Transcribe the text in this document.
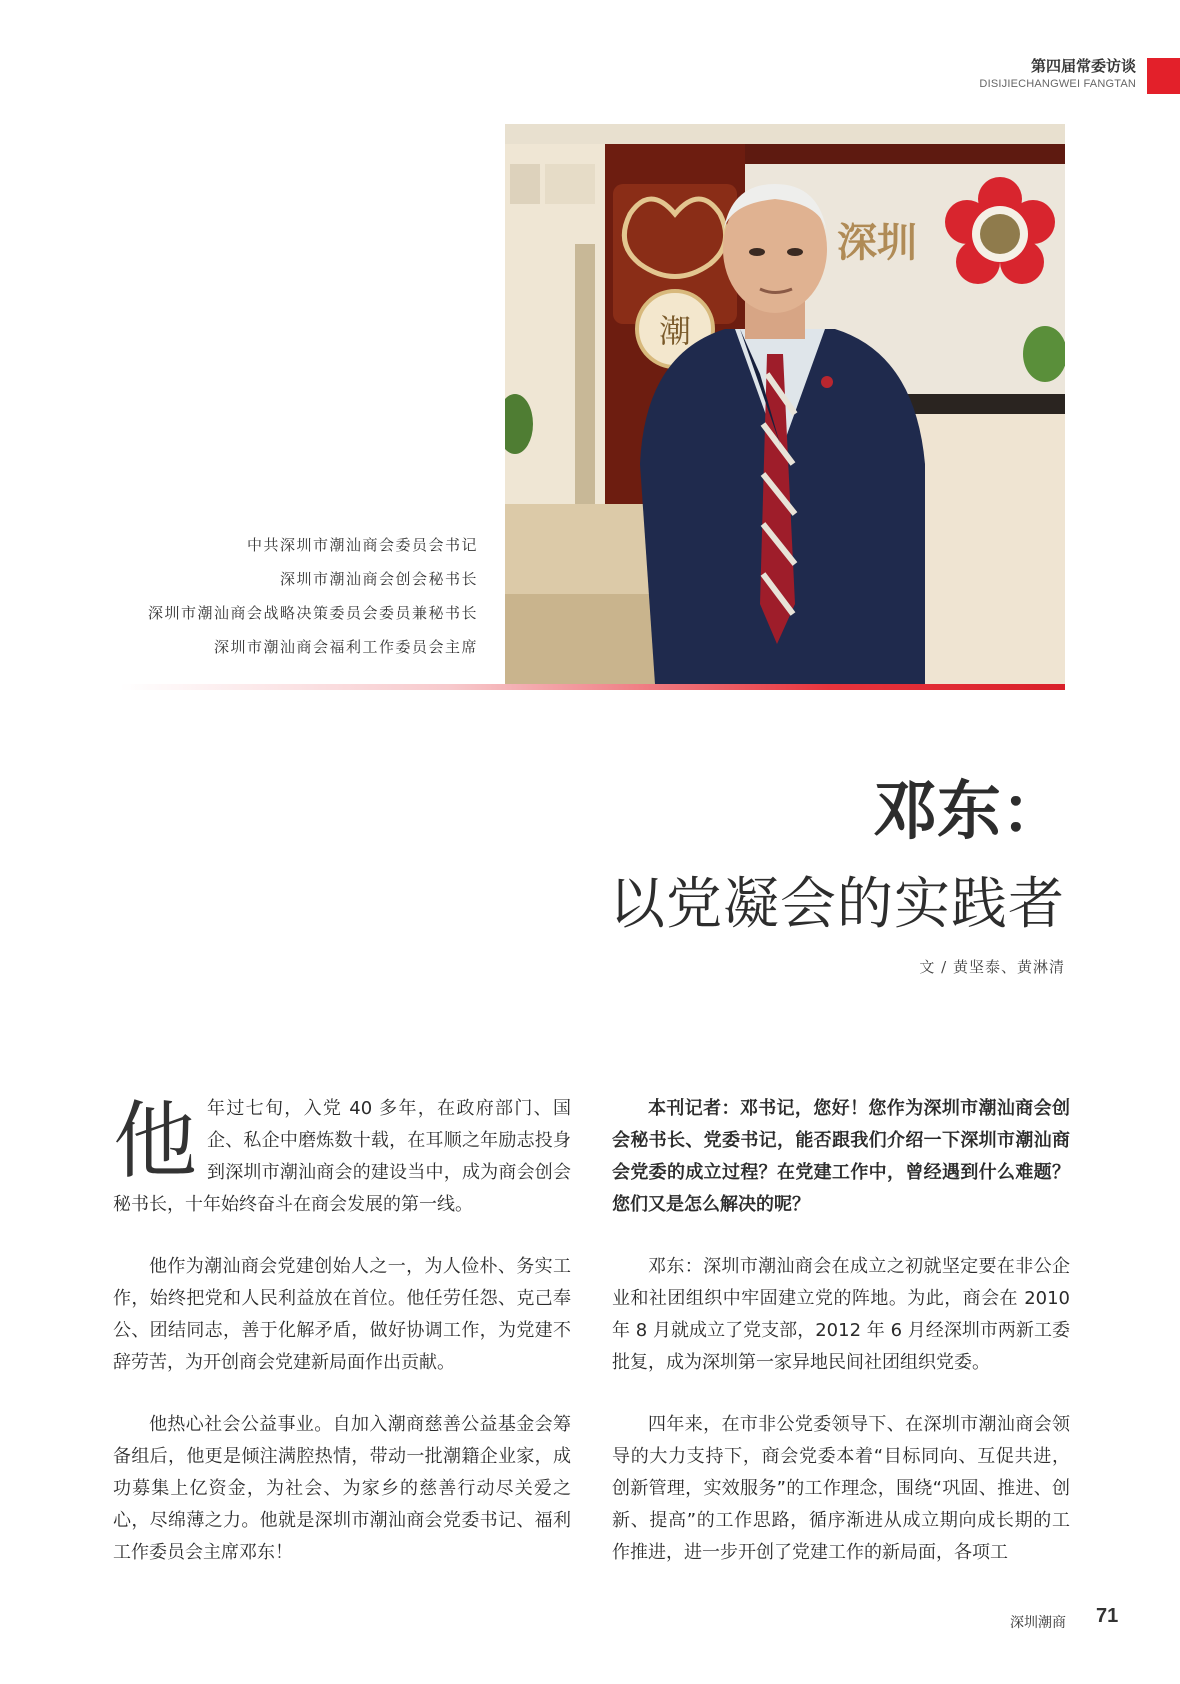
第四届常委访谈
DISIJIECHANGWEI FANGTAN
潮
深圳
中共深圳市潮汕商会委员会书记
深圳市潮汕商会创会秘书长
深圳市潮汕商会战略决策委员会委员兼秘书长
深圳市潮汕商会福利工作委员会主席
邓东：
以党凝会的实践者
文 / 黄坚泰、黄淋清

他年过七旬，入党 40 多年，在政府部门、国企、私企中磨炼数十载，在耳顺之年励志投身到深圳市潮汕商会的建设当中，成为商会创会秘书长，十年始终奋斗在商会发展的第一线。

他作为潮汕商会党建创始人之一，为人俭朴、务实工作，始终把党和人民利益放在首位。他任劳任怨、克己奉公、团结同志，善于化解矛盾，做好协调工作，为党建不辞劳苦，为开创商会党建新局面作出贡献。

他热心社会公益事业。自加入潮商慈善公益基金会筹备组后，他更是倾注满腔热情，带动一批潮籍企业家，成功募集上亿资金，为社会、为家乡的慈善行动尽关爱之心，尽绵薄之力。他就是深圳市潮汕商会党委书记、福利工作委员会主席邓东！

本刊记者：邓书记，您好！您作为深圳市潮汕商会创会秘书长、党委书记，能否跟我们介绍一下深圳市潮汕商会党委的成立过程？在党建工作中，曾经遇到什么难题？您们又是怎么解决的呢？

邓东：深圳市潮汕商会在成立之初就坚定要在非公企业和社团组织中牢固建立党的阵地。为此，商会在 2010 年 8 月就成立了党支部，2012 年 6 月经深圳市两新工委批复，成为深圳第一家异地民间社团组织党委。

四年来，在市非公党委领导下、在深圳市潮汕商会领导的大力支持下，商会党委本着“目标同向、互促共进，创新管理，实效服务”的工作理念，围绕“巩固、推进、创新、提高”的工作思路，循序渐进从成立期向成长期的工作推进，进一步开创了党建工作的新局面，各项工

深圳潮商 71
